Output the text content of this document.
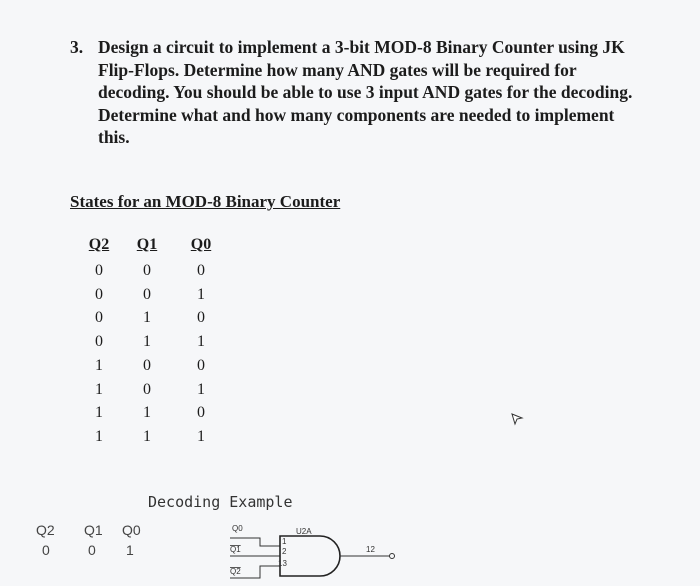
3. Design a circuit to implement a 3-bit MOD-8 Binary Counter using JK Flip-Flops. Determine how many AND gates will be required for decoding. You should be able to use 3 input AND gates for the decoding. Determine what and how many components are needed to implement this.
States for an MOD-8 Binary Counter
Q2 Q1 Q0
0	0	0
0	0	1
0	1	0
0	1	1
1	0	0
1	0	1
1	1	0
1	1	1
Decoding Example
Q2 Q1 Q0
0	0 1
Q0
Q1
Q2
U2A
1
2
13
12
